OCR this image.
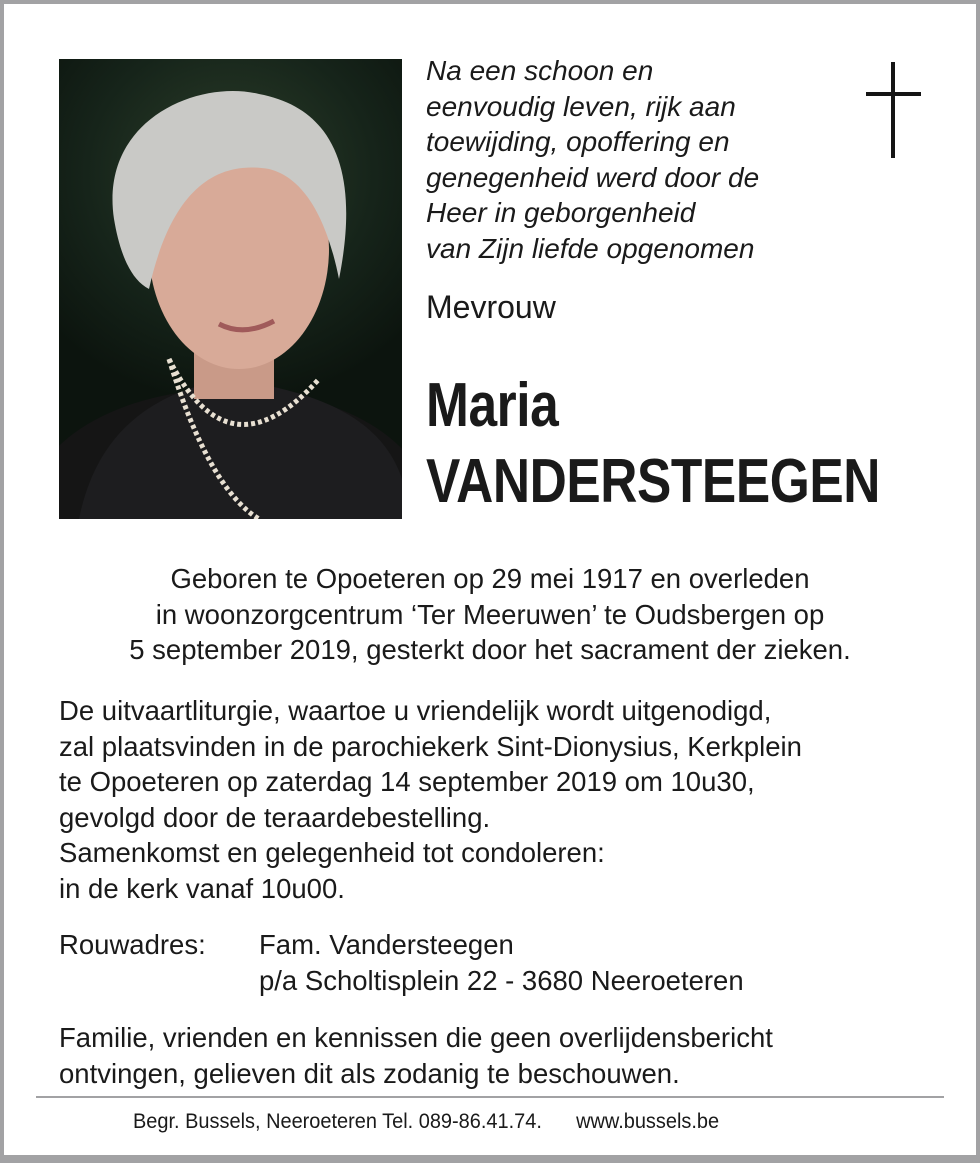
Na een schoon en
eenvoudig leven, rijk aan
toewijding, opoffering en
genegenheid werd door de
Heer in geborgenheid
van Zijn liefde opgenomen
Mevrouw
Maria
VANDERSTEEGEN
Geboren te Opoeteren op 29 mei 1917 en overleden
in woonzorgcentrum ‘Ter Meeruwen’ te Oudsbergen op
5 september 2019, gesterkt door het sacrament der zieken.
De uitvaartliturgie, waartoe u vriendelijk wordt uitgenodigd,
zal plaatsvinden in de parochiekerk Sint-Dionysius, Kerkplein
te Opoeteren op zaterdag 14 september 2019 om 10u30,
gevolgd door de teraardebestelling.
Samenkomst en gelegenheid tot condoleren:
in de kerk vanaf 10u00.
Rouwadres: Fam. Vandersteegen
p/a Scholtisplein 22 - 3680 Neeroeteren
Familie, vrienden en kennissen die geen overlijdensbericht
ontvingen, gelieven dit als zodanig te beschouwen.
Begr. Bussels, Neeroeteren Tel. 089-86.41.74. www.bussels.be
